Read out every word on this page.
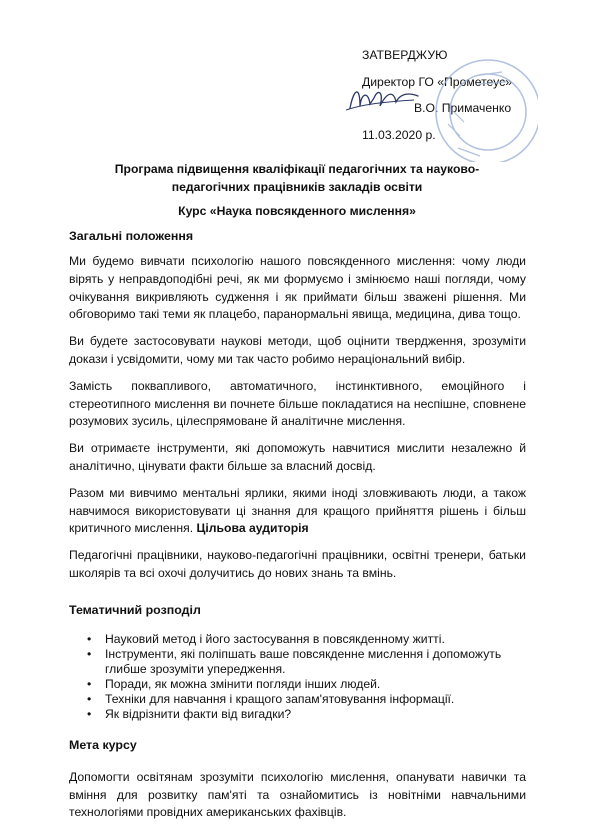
ЗАТВЕРДЖУЮ
Директор ГО «Прометеус»
В.О. Примаченко
11.03.2020 р.
Програма підвищення кваліфікації педагогічних та науково-педагогічних працівників закладів освіти
Курс «Наука повсякденного мислення»
Загальні положення

Ми будемо вивчати психологію нашого повсякденного мислення: чому люди вірять у неправдоподібні речі, як ми формуємо і змінюємо наші погляди, чому очікування викривляють судження і як приймати більш зважені рішення. Ми обговоримо такі теми як плацебо, паранормальні явища, медицина, дива тощо.

Ви будете застосовувати наукові методи, щоб оцінити твердження, зрозуміти докази і усвідомити, чому ми так часто робимо нераціональний вибір.

Замість поквапливого, автоматичного, інстинктивного, емоційного і стереотипного мислення ви почнете більше покладатися на неспішне, сповнене розумових зусиль, цілеспрямоване й аналітичне мислення.

Ви отримаєте інструменти, які допоможуть навчитися мислити незалежно й аналітично, цінувати факти більше за власний досвід.

Разом ми вивчимо ментальні ярлики, якими іноді зловживають люди, а також навчимося використовувати ці знання для кращого прийняття рішень і більш критичного мислення. Цільова аудиторія

Педагогічні працівники, науково-педагогічні працівники, освітні тренери, батьки школярів та всі охочі долучитись до нових знань та вмінь.

Тематичний розподіл
• Науковий метод і його застосування в повсякденному житті.
• Інструменти, які поліпшать ваше повсякденне мислення і допоможуть глибше зрозуміти упередження.
• Поради, як можна змінити погляди інших людей.
• Техніки для навчання і кращого запам'ятовування інформації.
• Як відрізнити факти від вигадки?
Мета курсу

Допомогти освітянам зрозуміти психологію мислення, опанувати навички та вміння для розвитку пам'яті та ознайомитись із новітніми навчальними технологіями провідних американських фахівців.
